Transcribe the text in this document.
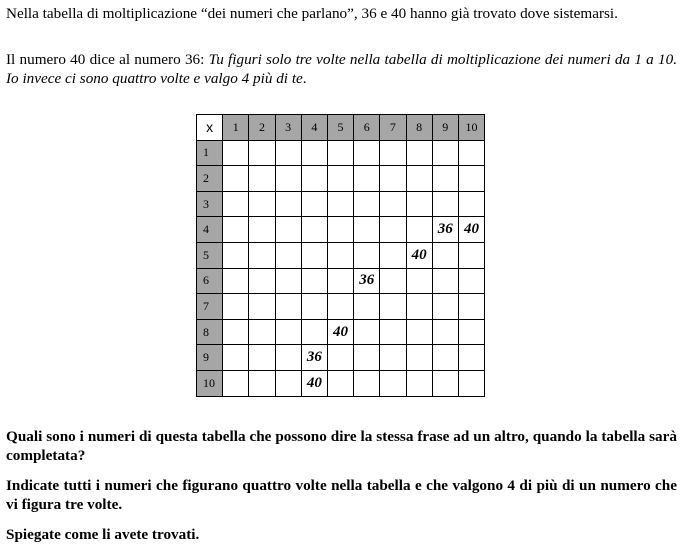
Nella tabella di moltiplicazione “dei numeri che parlano”, 36 e 40 hanno già trovato dove sistemarsi.

Il numero 40 dice al numero 36: Tu figuri solo tre volte nella tabella di moltiplicazione dei numeri da 1 a 10. Io invece ci sono quattro volte e valgo 4 più di te.

x	1	2	3	4	5	6	7	8	9	10
1										
2										
3										
4									36	40
5								40		
6						36				
7										
8					40					
9				36						
10				40						

Quali sono i numeri di questa tabella che possono dire la stessa frase ad un altro, quando la tabella sarà completata?

Indicate tutti i numeri che figurano quattro volte nella tabella e che valgono 4 di più di un numero che vi figura tre volte.

Spiegate come li avete trovati.
